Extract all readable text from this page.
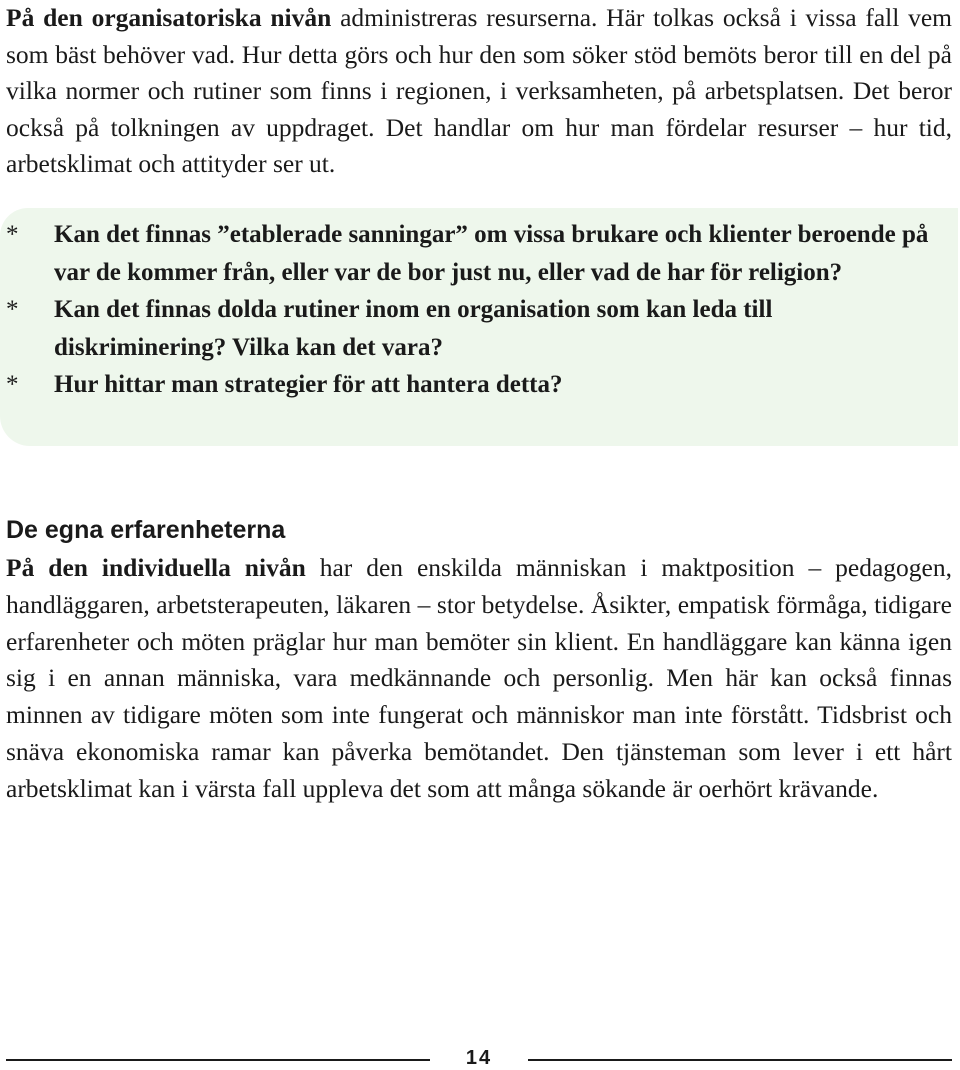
På den organisatoriska nivån administreras resurserna. Här tolkas också i vissa fall vem som bäst behöver vad. Hur detta görs och hur den som söker stöd bemöts beror till en del på vilka normer och rutiner som finns i regionen, i verksamheten, på arbetsplatsen. Det beror också på tolkningen av uppdraget. Det handlar om hur man fördelar resurser – hur tid, arbetsklimat och attityder ser ut.

* Kan det finnas ”etablerade sanningar” om vissa brukare och klienter beroende på var de kommer från, eller var de bor just nu, eller vad de har för religion?
* Kan det finnas dolda rutiner inom en organisation som kan leda till diskriminering? Vilka kan det vara?
* Hur hittar man strategier för att hantera detta?
De egna erfarenheterna

På den individuella nivån har den enskilda människan i maktposition – pedagogen, handläggaren, arbetsterapeuten, läkaren – stor betydelse. Åsikter, empatisk förmåga, tidigare erfarenheter och möten präglar hur man bemöter sin klient. En handläggare kan känna igen sig i en annan människa, vara medkännande och personlig. Men här kan också finnas minnen av tidigare möten som inte fungerat och människor man inte förstått. Tidsbrist och snäva ekonomiska ramar kan påverka bemötandet. Den tjänsteman som lever i ett hårt arbetsklimat kan i värsta fall uppleva det som att många sökande är oerhört krävande.

14
